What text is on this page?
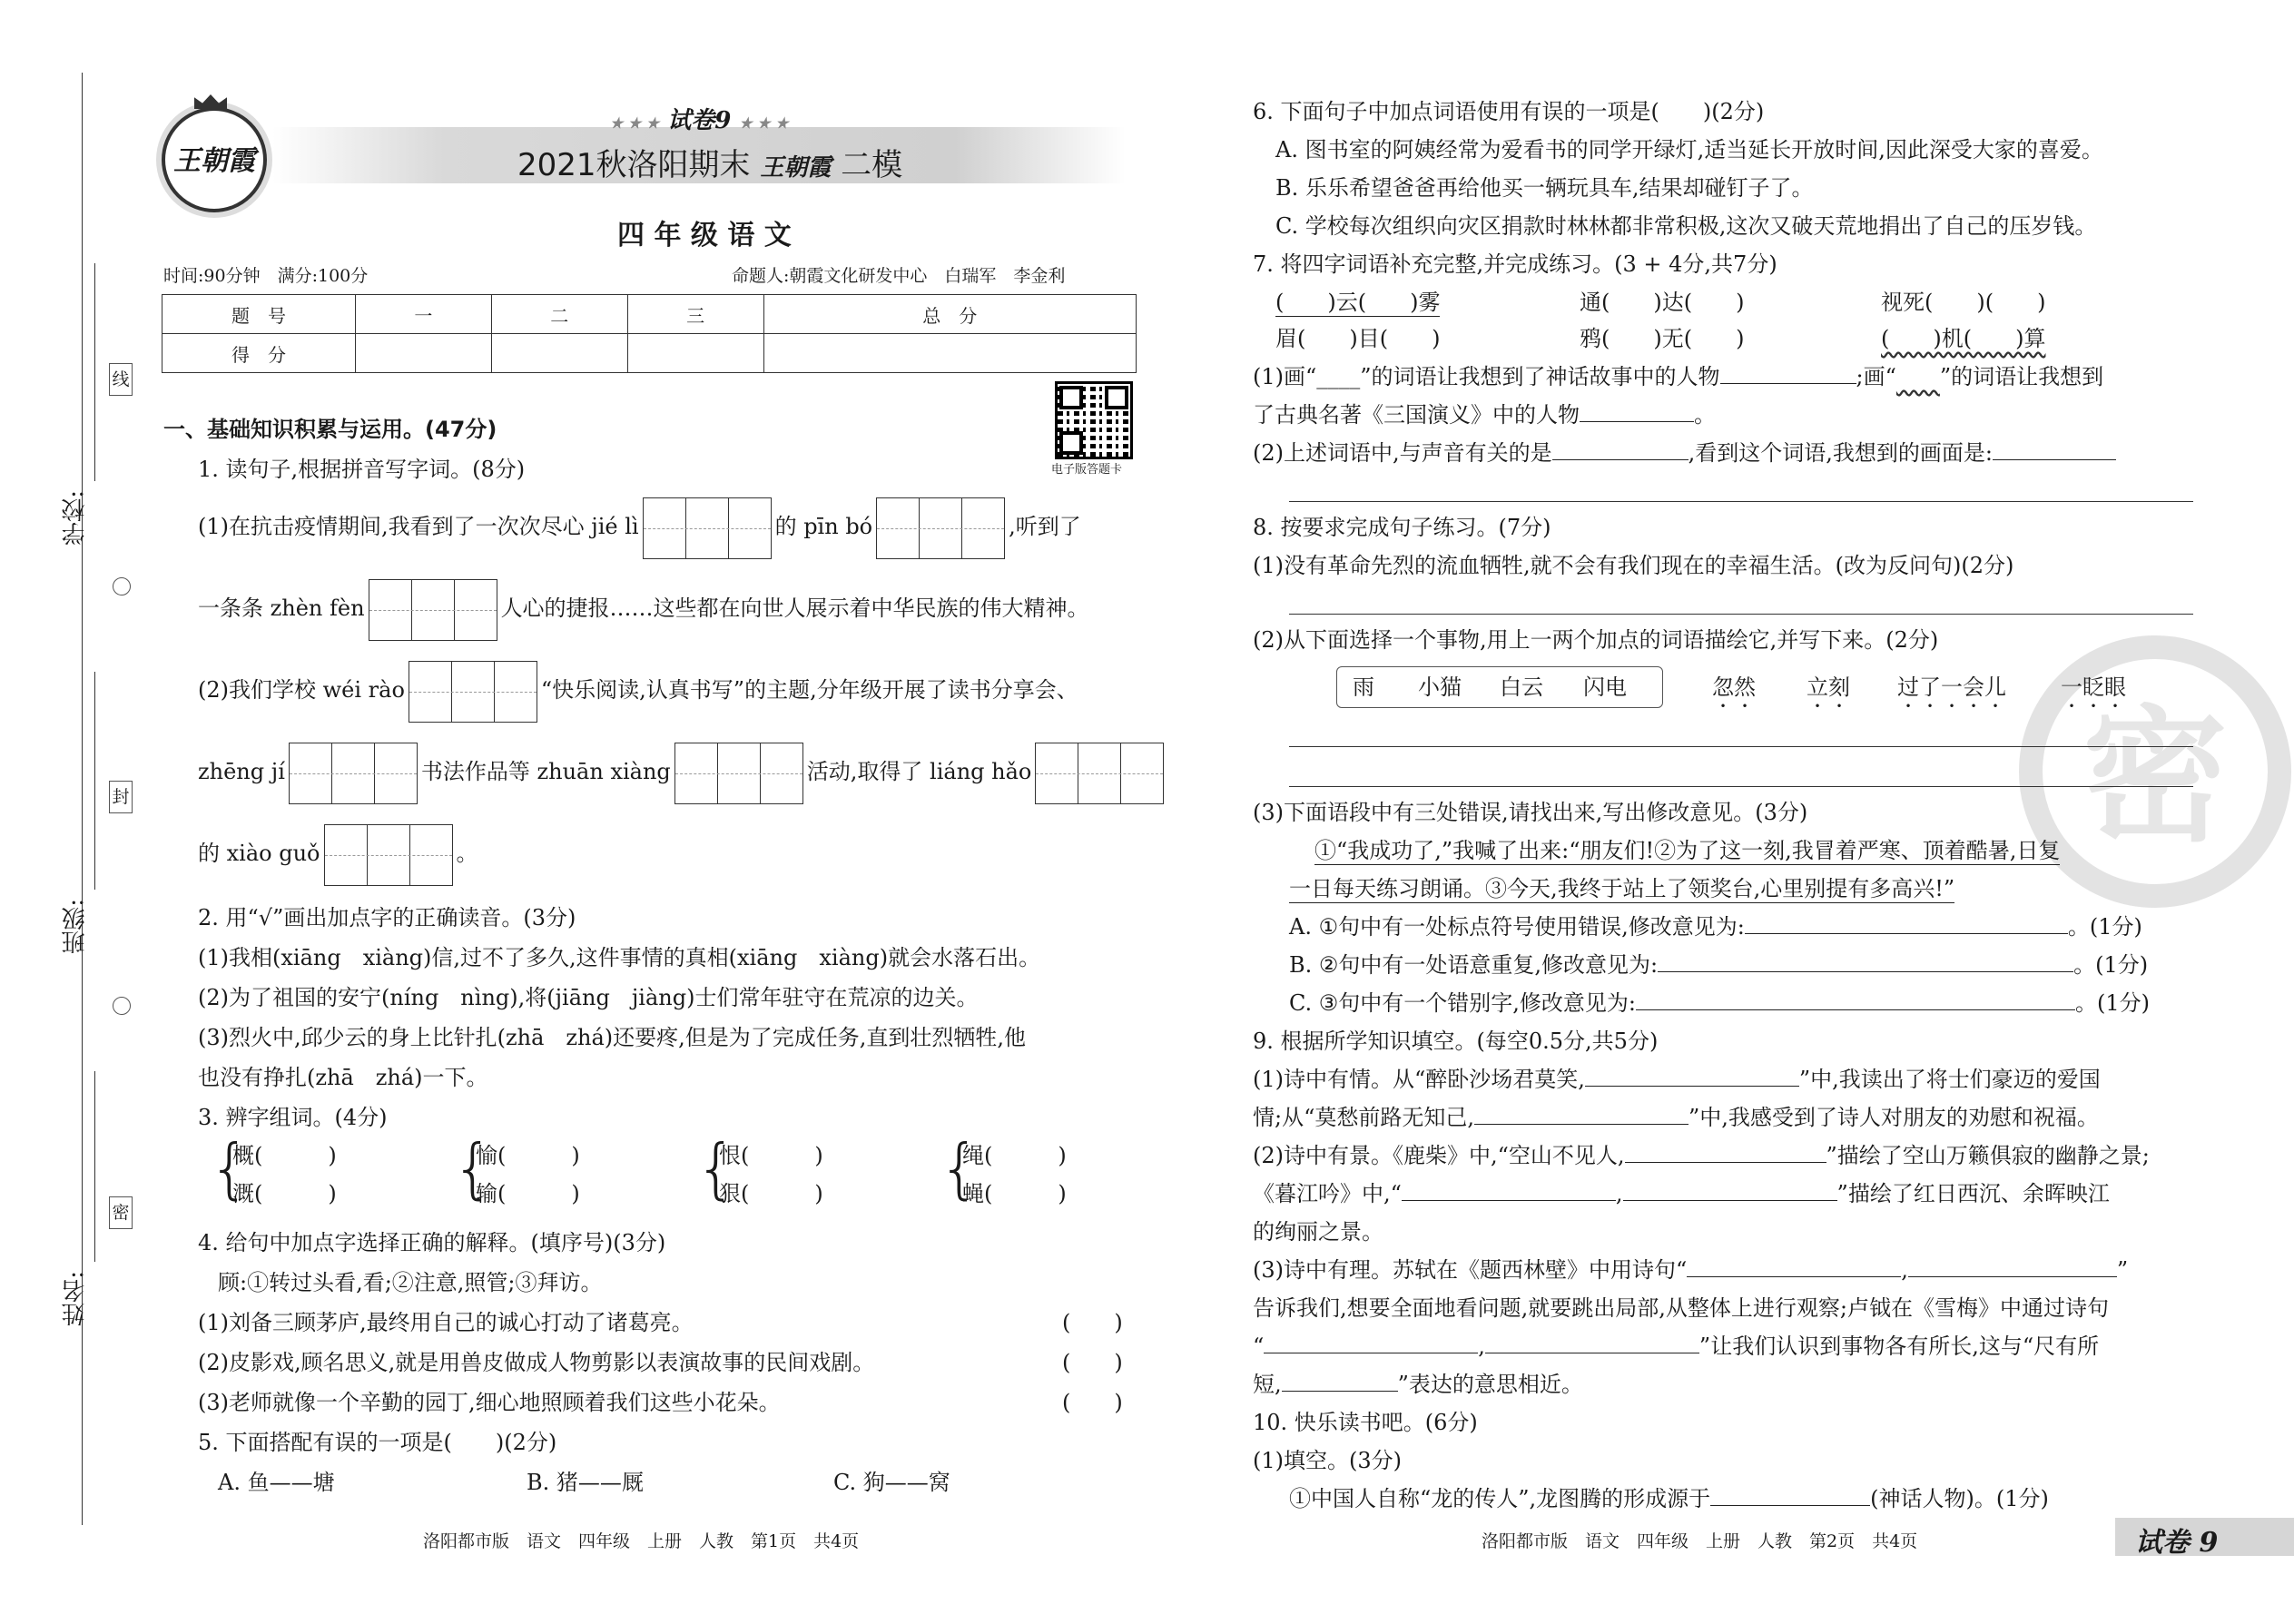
线
封
密
学校:
班级:
姓名:
王朝霞
★ ★ ★ 试卷9 ★ ★ ★
2021秋洛阳期末 王朝霞 二模
四 年 级 语 文
时间:90分钟　满分:100分	命题人:朝霞文化研发中心　白瑞军　李金利
题　号	一	二	三	总　分
得　分				
电子版答题卡
一、基础知识积累与运用。(47分)
1. 读句子,根据拼音写字词。(8分)
(1)在抗击疫情期间,我看到了一次次尽心 jié lì	的 pīn bó	,听到了
一条条 zhèn fèn	人心的捷报……这些都在向世人展示着中华民族的伟大精神。
(2)我们学校 wéi rào	“快乐阅读,认真书写”的主题,分年级开展了读书分享会、
zhēng jí	书法作品等 zhuān xiàng	活动,取得了 liáng hǎo
的 xiào guǒ	。
2. 用“√”画出加点字的正确读音。(3分)
(1)我相(xiāng　xiàng)信,过不了多久,这件事情的真相(xiāng　xiàng)就会水落石出。
(2)为了祖国的安宁(níng　nìng),将(jiāng　jiàng)士们常年驻守在荒凉的边关。
(3)烈火中,邱少云的身上比针扎(zhā　zhá)还要疼,但是为了完成任务,直到壮烈牺牲,他
也没有挣扎(zhā　zhá)一下。
3. 辨字组词。(4分)
{
概(　　　)
溉(　　　) {
愉(　　　)
输(　　　) {
恨(　　　)
狠(　　　) {
绳(　　　)
蝇(　　　)
4. 给句中加点字选择正确的解释。(填序号)(3分)
顾:①转过头看,看;②注意,照管;③拜访。
(1)刘备三顾茅庐,最终用自己的诚心打动了诸葛亮。
(2)皮影戏,顾名思义,就是用兽皮做成人物剪影以表演故事的民间戏剧。
(3)老师就像一个辛勤的园丁,细心地照顾着我们这些小花朵。
(　　)
(　　)
(　　)
5. 下面搭配有误的一项是(　　)(2分)
A. 鱼——塘	B. 猪——厩	C. 狗——窝
洛阳都市版　语文　四年级　上册　人教　第1页　共4页
密
6. 下面句子中加点词语使用有误的一项是(　　)(2分)
A. 图书室的阿姨经常为爱看书的同学开绿灯,适当延长开放时间,因此深受大家的喜爱。
B. 乐乐希望爸爸再给他买一辆玩具车,结果却碰钉子了。
C. 学校每次组织向灾区捐款时林林都非常积极,这次又破天荒地捐出了自己的压岁钱。
7. 将四字词语补充完整,并完成练习。(3 + 4分,共7分)
(　　)云(　　)雾	通(　　)达(　　)	视死(　　)(　　)
眉(　　)目(　　)	鸦(　　)无(　　)	(　　)机(　　)算
(1)画“____”的词语让我想到了神话故事中的人物	;画“　　 ”的词语让我想到
了古典名著《三国演义》中的人物	。
(2)上述词语中,与声音有关的是	,看到这个词语,我想到的画面是:
8. 按要求完成句子练习。(7分)
(1)没有革命先烈的流血牺牲,就不会有我们现在的幸福生活。(改为反问句)(2分)
(2)从下面选择一个事物,用上一两个加点的词语描绘它,并写下来。(2分)
雨 小猫 白云 闪电	忽然 立刻 过了一会儿	一眨眼
(3)下面语段中有三处错误,请找出来,写出修改意见。(3分)
①“我成功了,”我喊了出来:“朋友们!②为了这一刻,我冒着严寒、顶着酷暑,日复
一日每天练习朗诵。③今天,我终于站上了领奖台,心里别提有多高兴!”
A. ①句中有一处标点符号使用错误,修改意见为:	。(1分)
B. ②句中有一处语意重复,修改意见为:	。(1分)
C. ③句中有一个错别字,修改意见为:	。(1分)
9. 根据所学知识填空。(每空0.5分,共5分)
(1)诗中有情。从“醉卧沙场君莫笑,	”中,我读出了将士们豪迈的爱国
情;从“莫愁前路无知己,	”中,我感受到了诗人对朋友的劝慰和祝福。
(2)诗中有景。《鹿柴》中,“空山不见人,	”描绘了空山万籁俱寂的幽静之景;
《暮江吟》中,“	,	”描绘了红日西沉、余晖映江
的绚丽之景。
(3)诗中有理。苏轼在《题西林壁》中用诗句“	,	”
告诉我们,想要全面地看问题,就要跳出局部,从整体上进行观察;卢钺在《雪梅》中通过诗句
“	,	”让我们认识到事物各有所长,这与“尺有所
短,	”表达的意思相近。
10. 快乐读书吧。(6分)
(1)填空。(3分)
①中国人自称“龙的传人”,龙图腾的形成源于	(神话人物)。(1分)
洛阳都市版　语文　四年级　上册　人教　第2页　共4页	试卷 9
